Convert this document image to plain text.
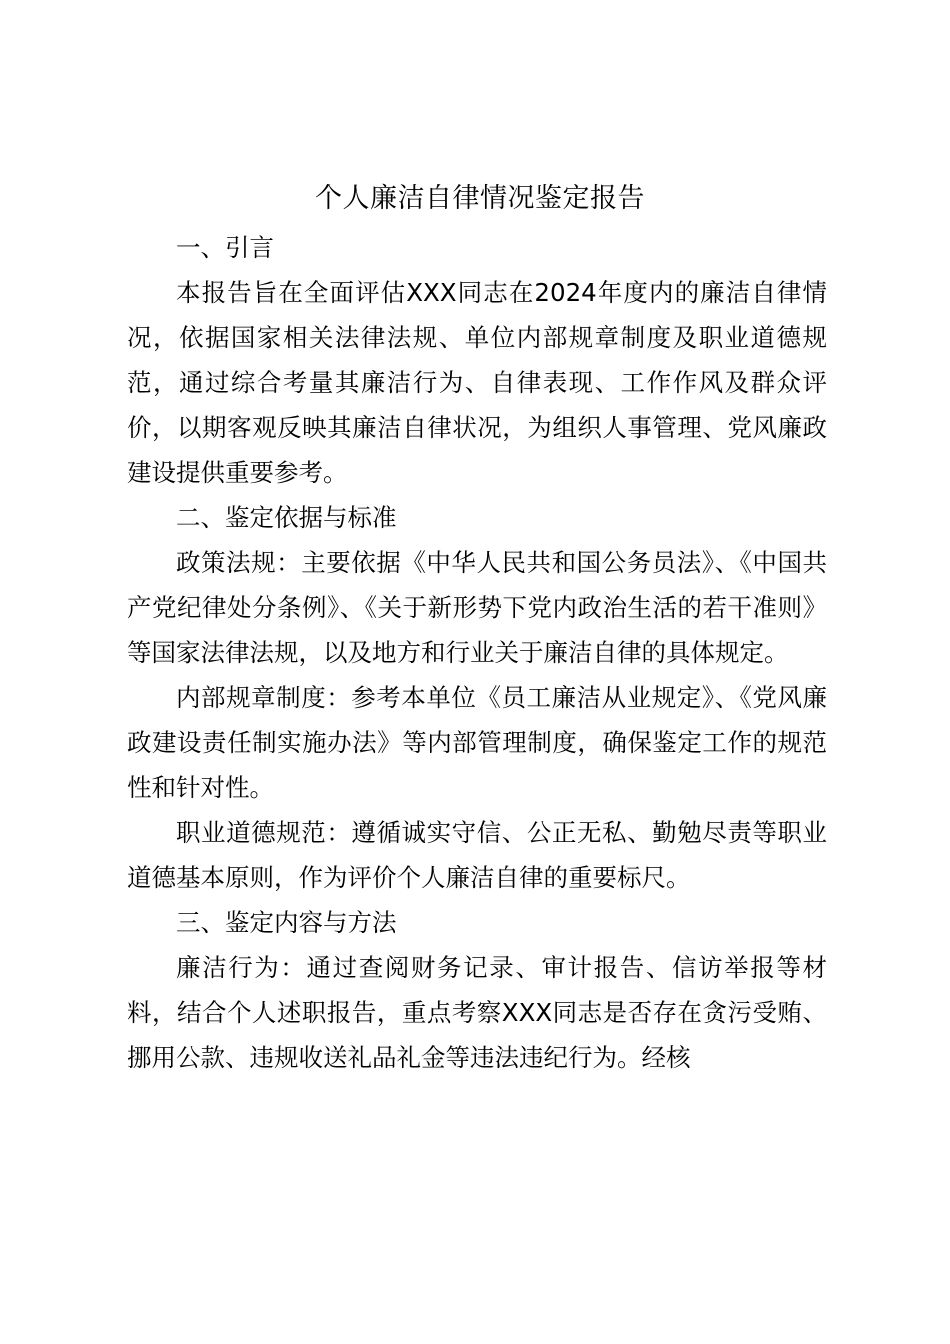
个人廉洁自律情况鉴定报告

一、引言

本报告旨在全面评估XXX同志在2024年度内的廉洁自律情况，依据国家相关法律法规、单位内部规章制度及职业道德规范，通过综合考量其廉洁行为、自律表现、工作作风及群众评价，以期客观反映其廉洁自律状况，为组织人事管理、党风廉政建设提供重要参考。

二、鉴定依据与标准

政策法规：主要依据《中华人民共和国公务员法》、《中国共产党纪律处分条例》、《关于新形势下党内政治生活的若干准则》等国家法律法规，以及地方和行业关于廉洁自律的具体规定。

内部规章制度：参考本单位《员工廉洁从业规定》、《党风廉政建设责任制实施办法》等内部管理制度，确保鉴定工作的规范性和针对性。

职业道德规范：遵循诚实守信、公正无私、勤勉尽责等职业道德基本原则，作为评价个人廉洁自律的重要标尺。

三、鉴定内容与方法

廉洁行为：通过查阅财务记录、审计报告、信访举报等材料，结合个人述职报告，重点考察XXX同志是否存在贪污受贿、挪用公款、违规收送礼品礼金等违法违纪行为。经核
